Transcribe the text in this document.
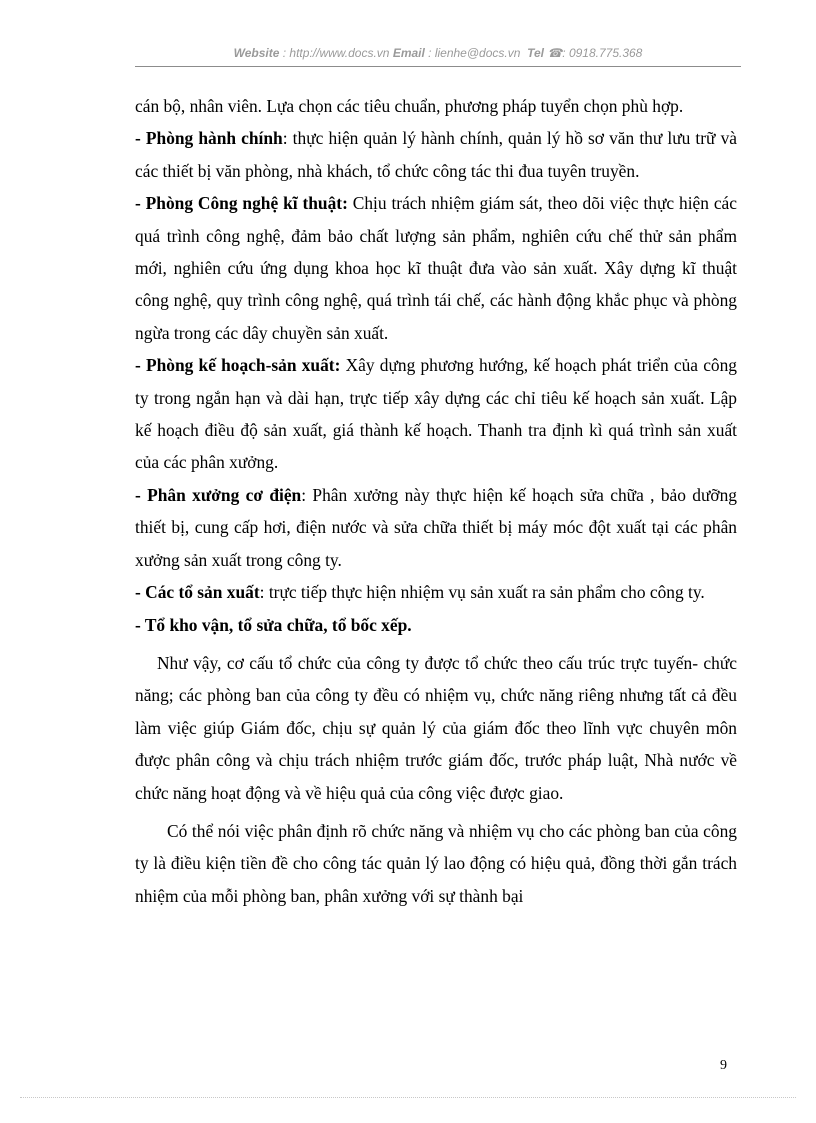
Website : http://www.docs.vn Email : lienhe@docs.vn  Tel ☎: 0918.775.368

cán bộ, nhân viên. Lựa chọn các tiêu chuẩn, phương pháp tuyển chọn phù hợp.

- Phòng hành chính: thực hiện quản lý hành chính, quản lý hồ sơ văn thư lưu trữ và các thiết bị văn phòng, nhà khách, tổ chức công tác thi đua tuyên truyền.

- Phòng Công nghệ kĩ thuật: Chịu trách nhiệm giám sát, theo dõi việc thực hiện các quá trình công nghệ, đảm bảo chất lượng sản phẩm, nghiên cứu chế thử sản phẩm mới, nghiên cứu ứng dụng khoa học kĩ thuật đưa vào sản xuất. Xây dựng kĩ thuật công nghệ, quy trình công nghệ, quá trình tái chế, các hành động khắc phục và phòng ngừa trong các dây chuyền sản xuất.

- Phòng kế hoạch-sản xuất: Xây dựng phương hướng, kế hoạch phát triển của công ty trong ngắn hạn và dài hạn, trực tiếp xây dựng các chỉ tiêu kế hoạch sản xuất. Lập kế hoạch điều độ sản xuất, giá thành kế hoạch. Thanh tra định kì quá trình sản xuất của các phân xưởng.

- Phân xưởng cơ điện: Phân xưởng này thực hiện kế hoạch sửa chữa , bảo dưỡng thiết bị, cung cấp hơi, điện nước và sửa chữa thiết bị máy móc đột xuất tại các phân xưởng sản xuất trong công ty.

- Các tổ sản xuất: trực tiếp thực hiện nhiệm vụ sản xuất ra sản phẩm cho công ty.

- Tổ kho vận, tổ sửa chữa, tổ bốc xếp.

Như vậy, cơ cấu tổ chức của công ty được tổ chức theo cấu trúc trực tuyến- chức năng; các phòng ban của công ty đều có nhiệm vụ, chức năng riêng nhưng tất cả đều làm việc giúp Giám đốc, chịu sự quản lý của giám đốc theo lĩnh vực chuyên môn được phân công và chịu trách nhiệm trước giám đốc, trước pháp luật, Nhà nước về chức năng hoạt động và về hiệu quả của công việc được giao.

Có thể nói việc phân định rõ chức năng và nhiệm vụ cho các phòng ban của công ty là điều kiện tiền đề cho công tác quản lý lao động có hiệu quả, đồng thời gắn trách nhiệm của mỗi phòng ban, phân xưởng với sự thành bại

9
